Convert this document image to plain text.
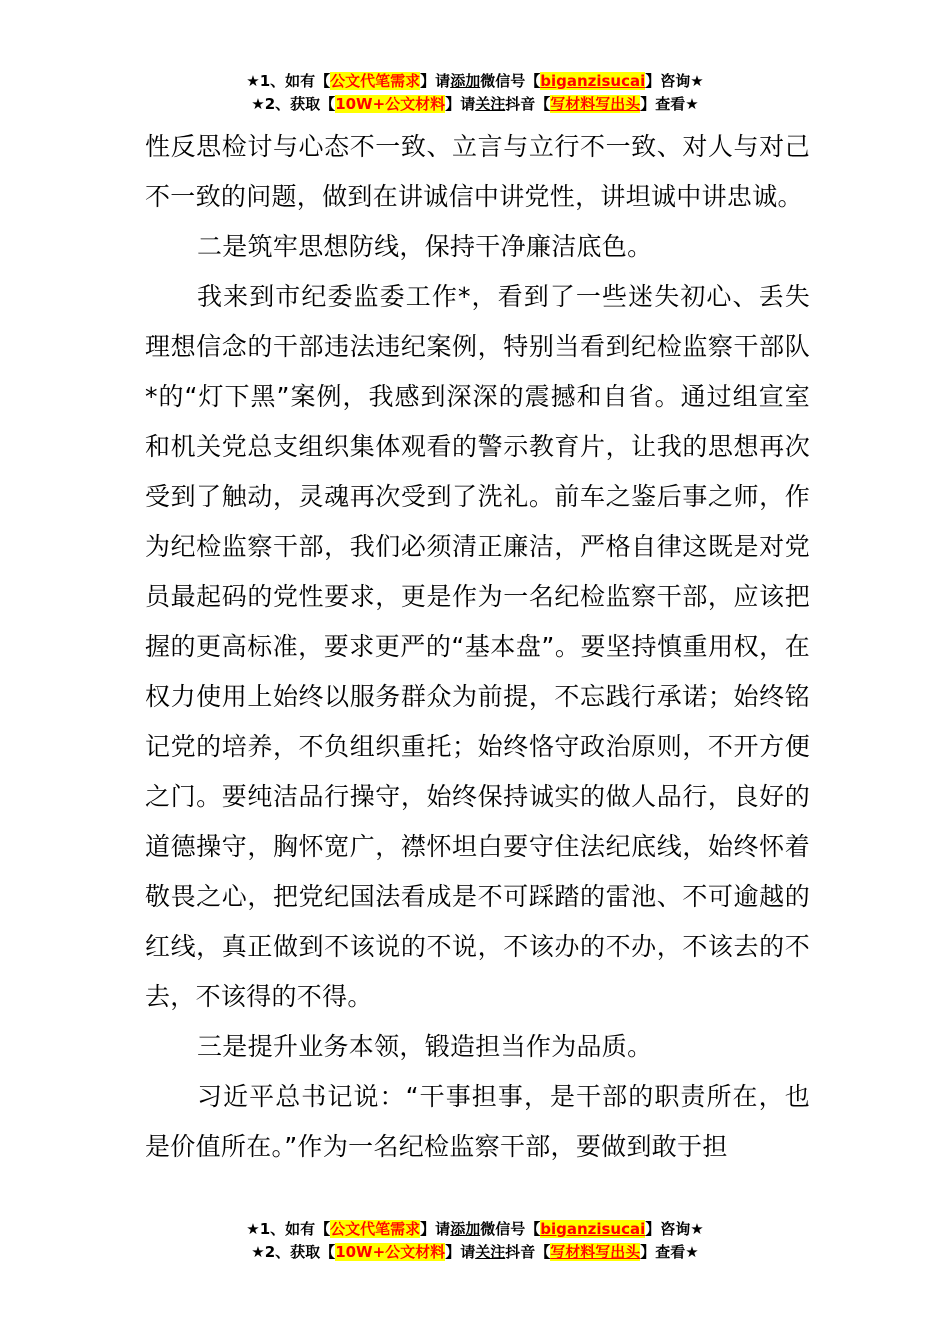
★1、如有【公文代笔需求】请添加微信号【biganzisucai】咨询★
★2、获取【10W+公文材料】请关注抖音【写材料写出头】查看★

性反思检讨与心态不一致、立言与立行不一致、对人与对己不一致的问题，做到在讲诚信中讲党性，讲坦诚中讲忠诚。

二是筑牢思想防线，保持干净廉洁底色。

我来到市纪委监委工作*，看到了一些迷失初心、丢失理想信念的干部违法违纪案例，特别当看到纪检监察干部队*的“灯下黑”案例，我感到深深的震撼和自省。通过组宣室和机关党总支组织集体观看的警示教育片，让我的思想再次受到了触动，灵魂再次受到了洗礼。前车之鉴后事之师，作为纪检监察干部，我们必须清正廉洁，严格自律这既是对党员最起码的党性要求，更是作为一名纪检监察干部，应该把握的更高标准，要求更严的“基本盘”。要坚持慎重用权，在权力使用上始终以服务群众为前提，不忘践行承诺；始终铭记党的培养，不负组织重托；始终恪守政治原则，不开方便之门。要纯洁品行操守，始终保持诚实的做人品行，良好的道德操守，胸怀宽广，襟怀坦白要守住法纪底线，始终怀着敬畏之心，把党纪国法看成是不可踩踏的雷池、不可逾越的红线，真正做到不该说的不说，不该办的不办，不该去的不去，不该得的不得。

三是提升业务本领，锻造担当作为品质。

习近平总书记说：“干事担事，是干部的职责所在，也是价值所在。”作为一名纪检监察干部，要做到敢于担

★1、如有【公文代笔需求】请添加微信号【biganzisucai】咨询★
★2、获取【10W+公文材料】请关注抖音【写材料写出头】查看★
